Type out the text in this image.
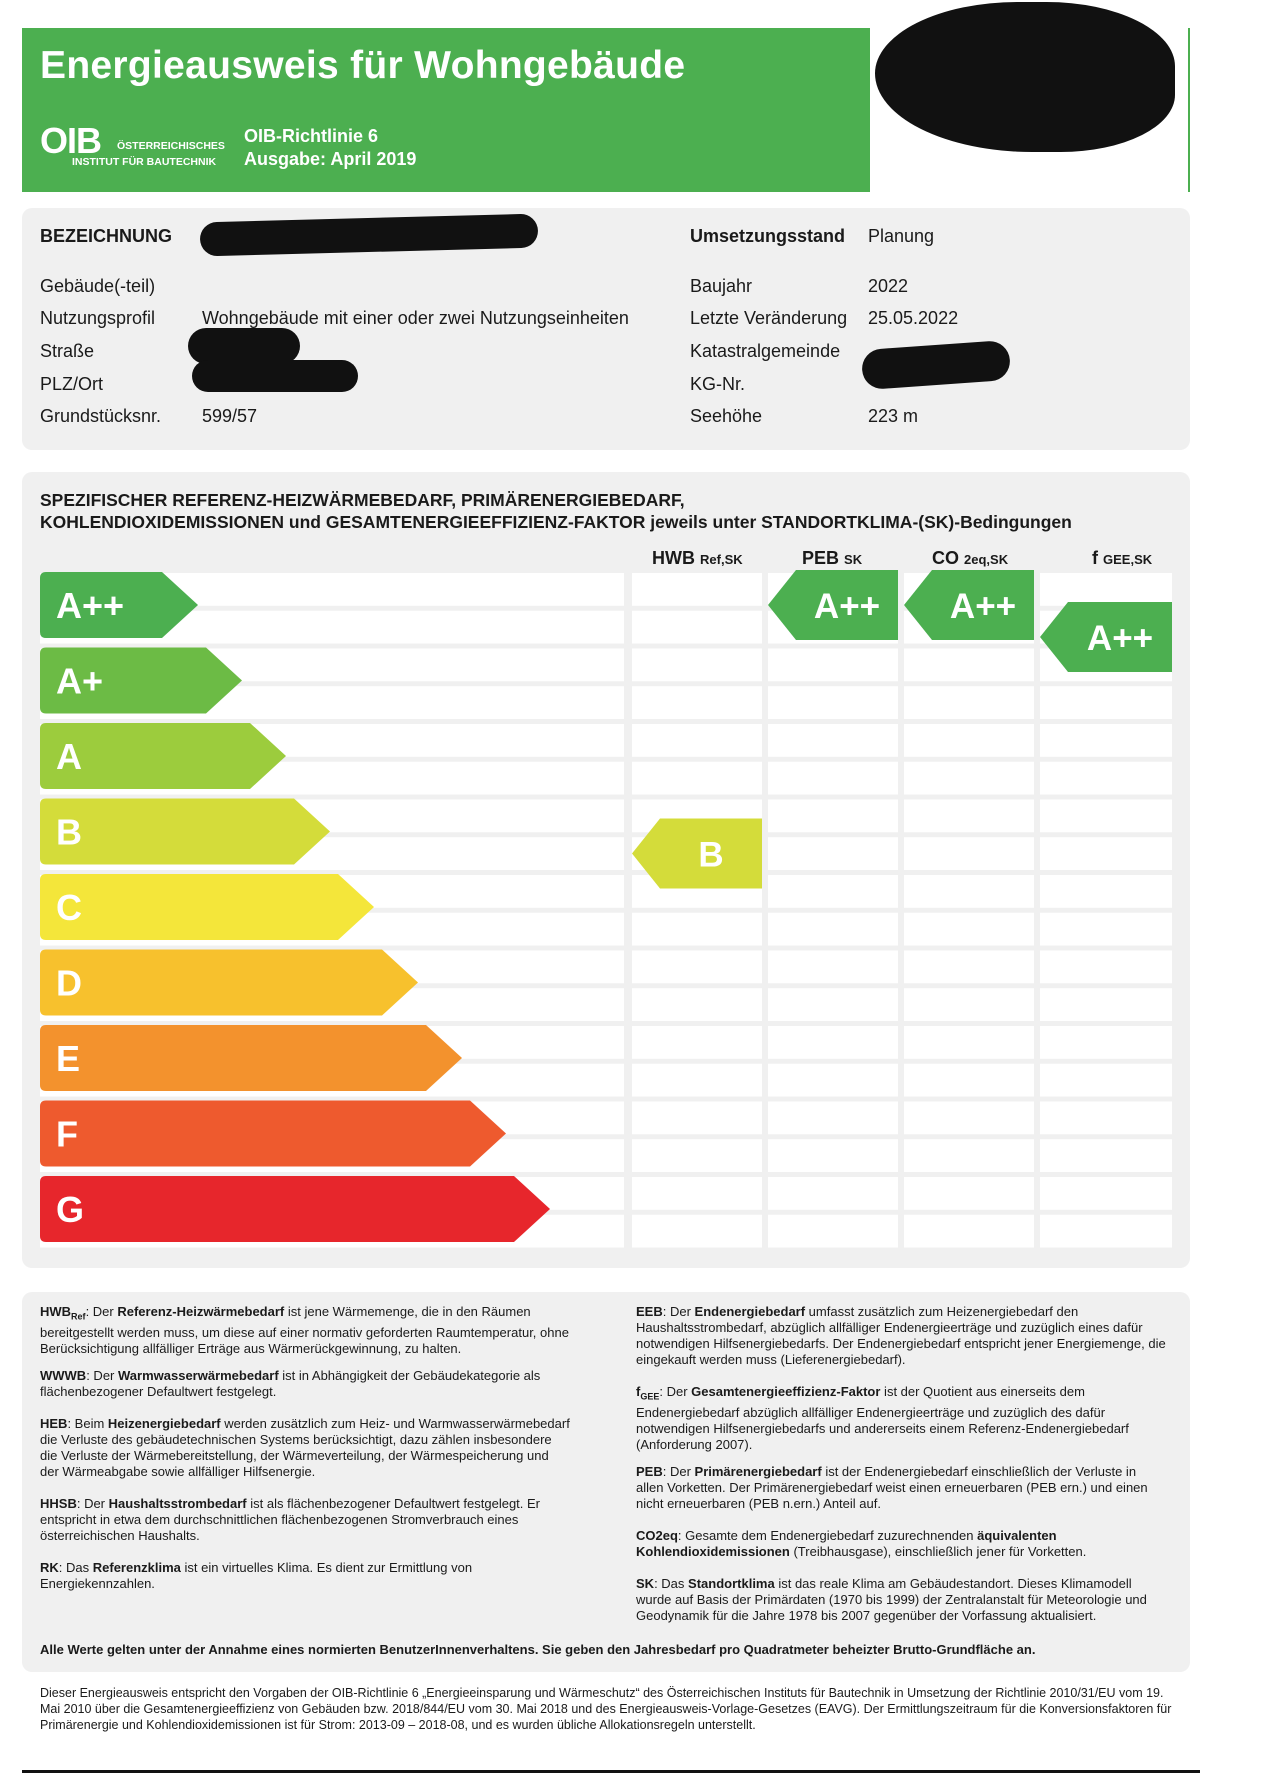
Energieausweis für Wohngebäude
OIB ÖSTERREICHISCHES
INSTITUT FÜR BAUTECHNIK
OIB-Richtlinie 6
Ausgabe: April 2019
BEZEICHNUNG
Gebäude(-teil)
Nutzungsprofil	Wohngebäude mit einer oder zwei Nutzungseinheiten
Straße
PLZ/Ort
Grundstücksnr. 599/57
Umsetzungsstand Planung
Baujahr	2022
Letzte Veränderung 25.05.2022
Katastralgemeinde
KG-Nr.
Seehöhe	223 m
SPEZIFISCHER REFERENZ-HEIZWÄRMEBEDARF, PRIMÄRENERGIEBEDARF,
KOHLENDIOXIDEMISSIONEN und GESAMTENERGIEEFFIZIENZ-FAKTOR jeweils unter STANDORTKLIMA-(SK)-Bedingungen
HWB Ref,SK	PEB SK	CO 2eq,SK	f GEE,SK
A++
A+
A
B
C
D
E
F
G
B
A++ A++
A++
$HWB_{Ref}$: Der Referenz-Heizwärmebedarf ist jene Wärmemenge, die in den Räumen bereitgestellt werden muss, um diese auf einer normativ geforderten Raumtemperatur, ohne Berücksichtigung allfälliger Erträge aus Wärmerückgewinnung, zu halten.
WWWB: Der Warmwasserwärmebedarf ist in Abhängigkeit der Gebäudekategorie als flächenbezogener Defaultwert festgelegt.
HEB: Beim Heizenergiebedarf werden zusätzlich zum Heiz- und Warmwasserwärmebedarf die Verluste des gebäudetechnischen Systems berücksichtigt, dazu zählen insbesondere die Verluste der Wärmebereitstellung, der Wärmeverteilung, der Wärmespeicherung und der Wärmeabgabe sowie allfälliger Hilfsenergie.
HHSB: Der Haushaltsstrombedarf ist als flächenbezogener Defaultwert festgelegt. Er entspricht in etwa dem durchschnittlichen flächenbezogenen Stromverbrauch eines österreichischen Haushalts.
RK: Das Referenzklima ist ein virtuelles Klima. Es dient zur Ermittlung von Energiekennzahlen.
EEB: Der Endenergiebedarf umfasst zusätzlich zum Heizenergiebedarf den Haushaltsstrombedarf, abzüglich allfälliger Endenergieerträge und zuzüglich eines dafür notwendigen Hilfsenergiebedarfs. Der Endenergiebedarf entspricht jener Energiemenge, die eingekauft werden muss (Lieferenergiebedarf).
$f_{GEE}$: Der Gesamtenergieeffizienz-Faktor ist der Quotient aus einerseits dem Endenergiebedarf abzüglich allfälliger Endenergieerträge und zuzüglich des dafür notwendigen Hilfsenergiebedarfs und andererseits einem Referenz-Endenergiebedarf (Anforderung 2007).
PEB: Der Primärenergiebedarf ist der Endenergiebedarf einschließlich der Verluste in allen Vorketten. Der Primärenergiebedarf weist einen erneuerbaren (PEB ern.) und einen nicht erneuerbaren (PEB n.ern.) Anteil auf.
CO2eq: Gesamte dem Endenergiebedarf zuzurechnenden äquivalenten Kohlendioxidemissionen (Treibhausgase), einschließlich jener für Vorketten.
SK: Das Standortklima ist das reale Klima am Gebäudestandort. Dieses Klimamodell wurde auf Basis der Primärdaten (1970 bis 1999) der Zentralanstalt für Meteorologie und Geodynamik für die Jahre 1978 bis 2007 gegenüber der Vorfassung aktualisiert.
Alle Werte gelten unter der Annahme eines normierten BenutzerInnenverhaltens. Sie geben den Jahresbedarf pro Quadratmeter beheizter Brutto-Grundfläche an.
Dieser Energieausweis entspricht den Vorgaben der OIB-Richtlinie 6 „Energieeinsparung und Wärmeschutz“ des Österreichischen Instituts für Bautechnik in Umsetzung der Richtlinie 2010/31/EU vom 19. Mai 2010 über die Gesamtenergieeffizienz von Gebäuden bzw. 2018/844/EU vom 30. Mai 2018 und des Energieausweis-Vorlage-Gesetzes (EAVG). Der Ermittlungszeitraum für die Konversionsfaktoren für Primärenergie und Kohlendioxidemissionen ist für Strom: 2013-09 – 2018-08, und es wurden übliche Allokationsregeln unterstellt.
